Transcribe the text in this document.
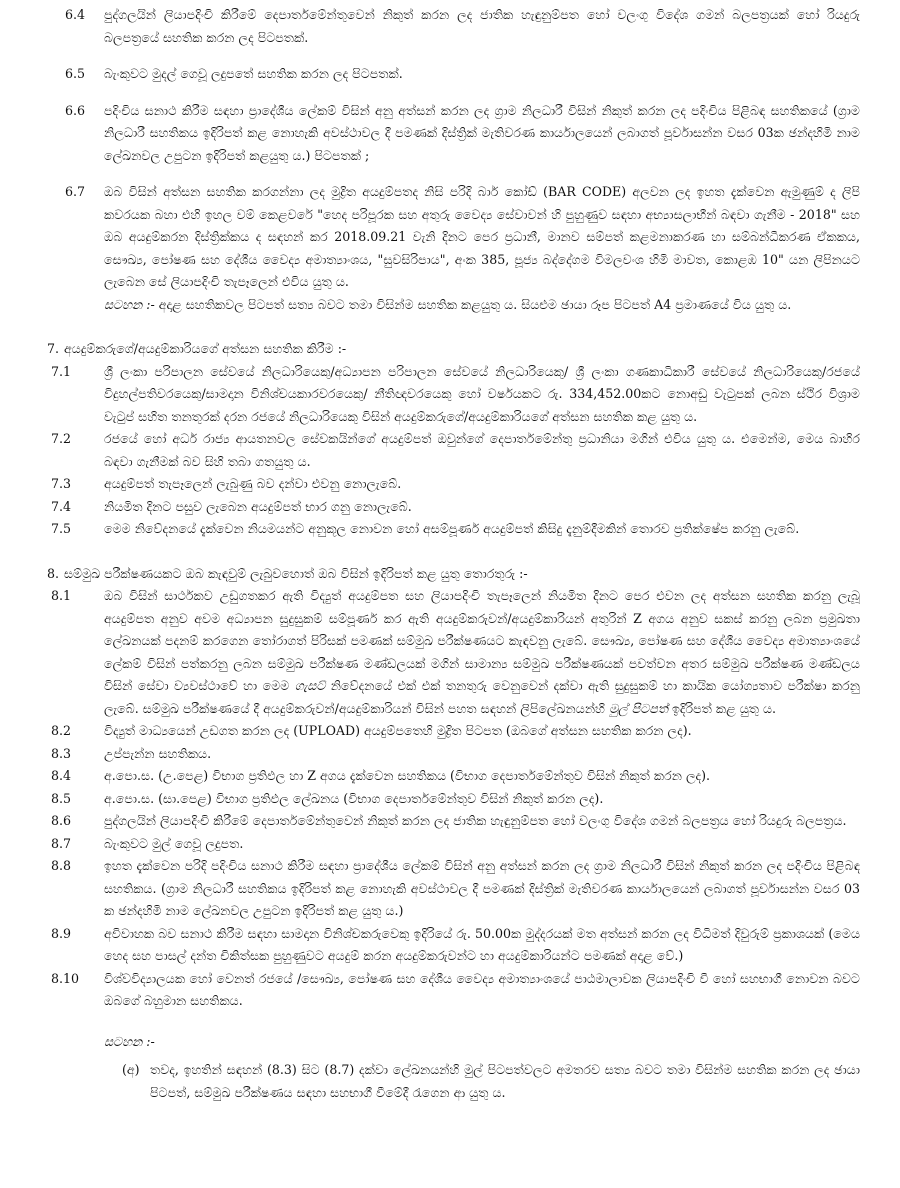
6.4	පුද්ගලයින් ලියාපදිංචි කිරීමේ දෙපාර්තමේන්තුවෙන් නිකුත් කරන ලද ජාතික හැඳුනුම්පත හෝ වලංගු විදේශ ගමන් බලපත්‍රයක් හෝ රියදුරු බලපත්‍රයේ සහතික කරන ලද පිටපතක්.
6.5	බැංකුවට මුදල් ගෙවූ ලදුපතේ සහතික කරන ලද පිටපතක්.
6.6	පදිංචිය සනාථ කිරීම සඳහා ප්‍රාදේශීය ලේකම් විසින් අනු අත්සන් කරන ලද ග්‍රාම නිලධාරී විසින් නිකුත් කරන ලද පදිංචිය පිළිබඳ සහතිකයේ (ග්‍රාම නිලධාරී සහතිකය ඉදිරිපත් කළ නොහැකි අවස්ථාවල දී පමණක් දිස්ත්‍රික් මැතිවරණ කාර්යාලයෙන් ලබාගත් පූර්වාසන්න වසර 03ක ඡන්දහිමි නාම ලේඛනවල උපුටන ඉදිරිපත් කළයුතු ය.) පිටපතක් ;
6.7	ඔබ විසින් අත්සන සහතික කරගන්නා ලද මුද්‍රිත අයදුම්පතද නිසි පරිදි බාර් කෝඩ් (BAR CODE) අලවන ලද ඉහත දැක්වෙන ඇමුණුම් ද ලිපි කවරයක බහා එහි ඉහල වම් කෙළවරේ "හෙද පරිපූරක සහ අතුරු වෛද්‍ය සේවාවන් හි පුහුණුව සඳහා අභ්‍යාසලාභීන් බඳවා ගැනීම - 2018" සහ ඔබ අයදුම්කරන දිස්ත්‍රික්කය ද සඳහන් කර 2018.09.21 වැනි දිනට පෙර ප්‍රධානී, මානව සම්පත් කළමනාකරණ හා සම්බන්ධීකරණ ඒකකය, සෞඛ්‍ය, පෝෂණ සහ දේශීය වෛද්‍ය අමාත්‍යාංශය, "සුවසිරිපාය", අංක 385, පූජ්‍ය බද්දේගම විමලවංශ හිමි මාවත, කොළඹ 10" යන ලිපිනයට ලැබෙන සේ ලියාපදිංචි තැපෑලෙන් එවිය යුතු ය.
සටහන :- අදාළ සහතිකවල පිටපත් සත්‍ය බවට තමා විසින්ම සහතික කළයුතු ය. සියළුම ඡායා රූප පිටපත් A4 ප්‍රමාණයේ විය යුතු ය.
7. අයදුම්කරුගේ/අයදුම්කාරියගේ අත්සන සහතික කිරීම :-
7.1	ශ්‍රී ලංකා පරිපාලන සේවයේ නිලධාරියෙකු/අධ්‍යාපන පරිපාලන සේවයේ නිලධාරියෙකු/ ශ්‍රී ලංකා ගණකාධිකාරී සේවයේ නිලධාරියෙකු/රජයේ විදුහල්පතිවරයෙකු/සාමදාන විනිශ්චයකාරවරයෙකු/ නීතිඥවරයෙකු හෝ වර්ෂයකට රු. 334,452.00කට නොඅඩු වැටුපක් ලබන ස්ථිර විශ්‍රාම වැටුප් සහිත තනතුරක් දරන රජයේ නිලධාරියෙකු විසින් අයදුම්කරුගේ/අයදුම්කාරියගේ අත්සන සහතික කළ යුතු ය.
7.2	රජයේ හෝ අර්ධ රාජ්‍ය ආයතනවල සේවකයින්ගේ අයදුම්පත් ඔවුන්ගේ දෙපාර්තමේන්තු ප්‍රධානියා මගින් එවිය යුතු ය. එමෙන්ම, මෙය බාහිර බඳවා ගැනීමක් බව සිහි තබා ගතයුතු ය.
7.3	අයදුම්පත් තැපෑලෙන් ලැබුණු බව දන්වා එවනු නොලැබේ.
7.4	නියමිත දිනට පසුව ලැබෙන අයදුම්පත් භාර ගනු නොලැබේ.
7.5	මෙම නිවේදනයේ දැක්වෙන නියමයන්ට අනුකූල නොවන හෝ අසම්පූර්ණ අයදුම්පත් කිසිදු දැනුම්දීමකින් තොරව ප්‍රතික්ෂේප කරනු ලැබේ.
8. සම්මුඛ පරීක්ෂණයකට ඔබ කැඳවුම් ලැබුවහොත් ඔබ විසින් ඉදිරිපත් කළ යුතු තොරතුරු :-
8.1	ඔබ විසින් සාර්ථකව උඩුගතකර ඇති විද්‍යුත් අයදුම්පත සහ ලියාපදිංචි තැපෑලෙන් නියමිත දිනට පෙර එවන ලද අත්සන සහතික කරනු ලැබූ අයදුම්පත අනුව අවම අධ්‍යාපන සුදුසුකම් සම්පූර්ණ කර ඇති අයදුම්කරුවන්/අයදුම්කාරියන් අතුරින් Z අගය අනුව සකස් කරනු ලබන ප්‍රමුඛතා ලේඛනයක් පදනම් කරගෙන තෝරාගත් පිරිසක් පමණක් සම්මුඛ පරීක්ෂණයට කැඳවනු ලැබේ. සෞඛ්‍ය, පෝෂණ සහ දේශීය වෛද්‍ය අමාත්‍යාංශයේ ලේකම් විසින් පත්කරනු ලබන සම්මුඛ පරීක්ෂණ මණ්ඩලයක් මගින් සාමාන්‍ය සම්මුඛ පරීක්ෂණයක් පවත්වන අතර සම්මුඛ පරීක්ෂණ මණ්ඩලය විසින් සේවා ව්‍යවස්ථාවේ හා මෙම ගැසට් නිවේදනයේ එක් එක් තනතුරු වෙනුවෙන් දක්වා ඇති සුදුසුකම් හා කායික යෝග්‍යතාව පරීක්ෂා කරනු ලැබේ. සම්මුඛ පරීක්ෂණයේ දී අයදුම්කරුවන්/අයදුම්කාරියන් විසින් පහත සඳහන් ලිපිලේඛනයන්හි මුල් පිටපත් ඉදිරිපත් කළ යුතු ය.
8.2	විද්‍යුත් මාධ්‍යයෙන් උඩගත කරන ලද (UPLOAD) අයදුම්පතෙහි මුද්‍රිත පිටපත (ඔබගේ අත්සන සහතික කරන ලද).
8.3	උප්පැන්න සහතිකය.
8.4	අ.පො.ස. (උ.පෙළ) විභාග ප්‍රතිඵල හා Z අගය දැක්වෙන සහතිකය (විභාග දෙපාර්තමේන්තුව විසින් නිකුත් කරන ලද).
8.5	අ.පො.ස. (සා.පෙළ) විභාග ප්‍රතිඵල ලේඛනය (විභාග දෙපාර්තමේන්තුව විසින් නිකුත් කරන ලද).
8.6	පුද්ගලයින් ලියාපදිංචි කිරීමේ දෙපාර්තමේන්තුවෙන් නිකුත් කරන ලද ජාතික හැඳුනුම්පත හෝ වලංගු විදේශ ගමන් බලපත්‍රය හෝ රියදුරු බලපත්‍රය.
8.7	බැංකුවට මුල් ගෙවූ ලදුපත.
8.8	ඉහත දැක්වෙන පරිදි පදිංචිය සනාථ කිරීම සඳහා ප්‍රාදේශීය ලේකම් විසින් අනු අත්සන් කරන ලද ග්‍රාම නිලධාරී විසින් නිකුත් කරන ලද පදිංචිය පිළිබඳ සහතිකය. (ග්‍රාම නිලධාරී සහතිකය ඉදිරිපත් කළ නොහැකි අවස්ථාවල දී පමණක් දිස්ත්‍රික් මැතිවරණ කාර්යාලයෙන් ලබාගත් පූර්වාසන්න වසර 03 ක ඡන්දහිමි නාම ලේඛනවල උපුටන ඉදිරිපත් කළ යුතු ය.)
8.9	අවිවාහක බව සනාථ කිරීම සඳහා සාමදාන විනිශ්චකරුවෙකු ඉදිරියේ රු. 50.00ක මුද්දරයක් මත අත්සන් කරන ලද විධිමත් දිවුරුම් ප්‍රකාශයක් (මෙය හෙද සහ පාසල් දන්ත චිකිත්සක පුහුණුවට අයදුම් කරන අයදුම්කරුවන්ට හා අයදුම්කාරියන්ට පමණක් අදාළ වේ.)
8.10	විශ්වවිද්‍යාලයක හෝ වෙනත් රජයේ /සෞඛ්‍ය, පෝෂණ සහ දේශීය වෛද්‍ය අමාත්‍යාංශයේ පාඨමාලාවක ලියාපදිංචි වී හෝ සහභාගී නොවන බවට ඔබගේ බහුමාන සහතිකය.
සටහන :-
(අ) තවද, ඉහතින් සඳහන් (8.3) සිට (8.7) දක්වා ලේඛනයන්හි මුල් පිටපත්වලට අමතරව සත්‍ය බවට තමා විසින්ම සහතික කරන ලද ඡායා පිටපත්, සම්මුඛ පරීක්ෂණය සඳහා සහභාගී වීමේදී රැගෙන ආ යුතු ය.
